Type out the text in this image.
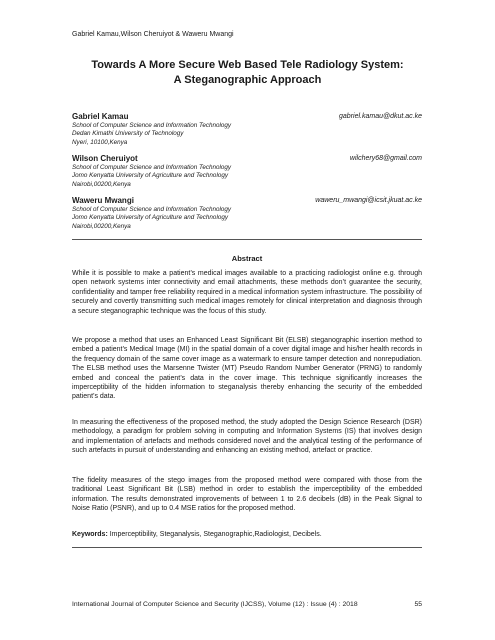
Gabriel Kamau,Wilson Cheruiyot & Waweru Mwangi
Towards A More Secure Web Based Tele Radiology System:
A Steganographic Approach
Gabriel Kamau	gabriel.kamau@dkut.ac.ke
School of Computer Science and Information Technology
Dedan Kimathi University of Technology
Nyeri, 10100,Kenya
Wilson Cheruiyot	wilchery68@gmail.com
School of Computer Science and Information Technology
Jomo Kenyatta University of Agriculture and Technology
Nairobi,00200,Kenya
Waweru Mwangi	waweru_mwangi@icsit.jkuat.ac.ke
School of Computer Science and Information Technology
Jomo Kenyatta University of Agriculture and Technology
Nairobi,00200,Kenya
Abstract

While it is possible to make a patient’s medical images available to a practicing radiologist online e.g. through open network systems inter connectivity and email attachments, these methods don’t guarantee the security, confidentiality and tamper free reliability required in a medical information system infrastructure. The possibility of securely and covertly transmitting such medical images remotely for clinical interpretation and diagnosis through a secure steganographic technique was the focus of this study.

We propose a method that uses an Enhanced Least Significant Bit (ELSB) steganographic insertion method to embed a patient’s Medical Image (MI) in the spatial domain of a cover digital image and his/her health records in the frequency domain of the same cover image as a watermark to ensure tamper detection and nonrepudiation. The ELSB method uses the Marsenne Twister (MT) Pseudo Random Number Generator (PRNG) to randomly embed and conceal the patient’s data in the cover image. This technique significantly increases the imperceptibility of the hidden information to steganalysis thereby enhancing the security of the embedded patient’s data.

In measuring the effectiveness of the proposed method, the study adopted the Design Science Research (DSR) methodology, a paradigm for problem solving in computing and Information Systems (IS) that involves design and implementation of artefacts and methods considered novel and the analytical testing of the performance of such artefacts in pursuit of understanding and enhancing an existing method, artefact or practice.

The fidelity measures of the stego images from the proposed method were compared with those from the traditional Least Significant Bit (LSB) method in order to establish the imperceptibility of the embedded information. The results demonstrated improvements of between 1 to 2.6 decibels (dB) in the Peak Signal to Noise Ratio (PSNR), and up to 0.4 MSE ratios for the proposed method.

Keywords: Imperceptibility, Steganalysis, Steganographic,Radiologist, Decibels.
International Journal of Computer Science and Security (IJCSS), Volume (12) : Issue (4) : 2018	55
